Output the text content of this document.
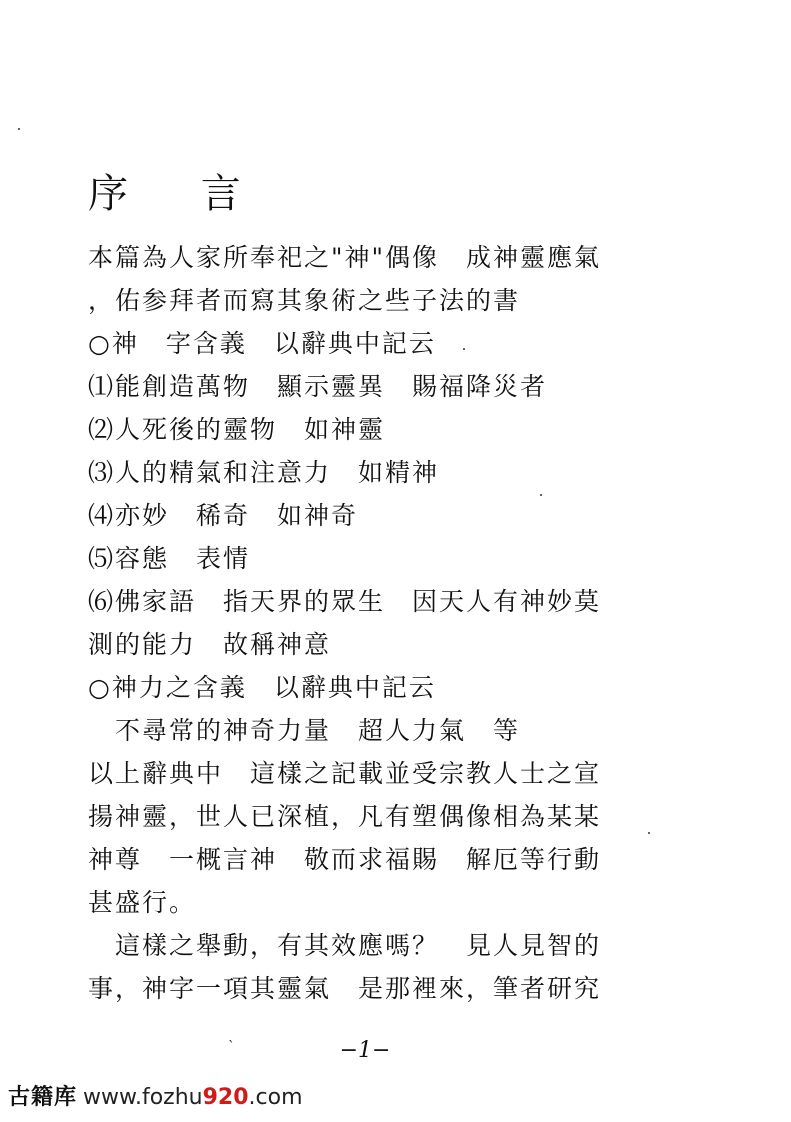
序 言
本篇為人家所奉祀之"神"偶像　成神靈應氣
，佑参拜者而寫其象術之些子法的書
○神　字含義　以辭典中記云
⑴能創造萬物　顯示靈異　賜福降災者
⑵人死後的靈物　如神靈
⑶人的精氣和注意力　如精神
⑷亦妙　稀奇　如神奇
⑸容態　表情
⑹佛家語　指天界的眾生　因天人有神妙莫
測的能力　故稱神意
○神力之含義　以辭典中記云
　不尋常的神奇力量　超人力氣　等
以上辭典中　這樣之記載並受宗教人士之宣
揚神靈，世人已深植，凡有塑偶像相為某某
神尊　一概言神　敬而求福賜　解厄等行動
甚盛行。
　這樣之舉動，有其效應嗎？　見人見智的
事，神字一項其靈氣　是那裡來，筆者研究
`	−1−
古籍库 www.fozhu920.com
